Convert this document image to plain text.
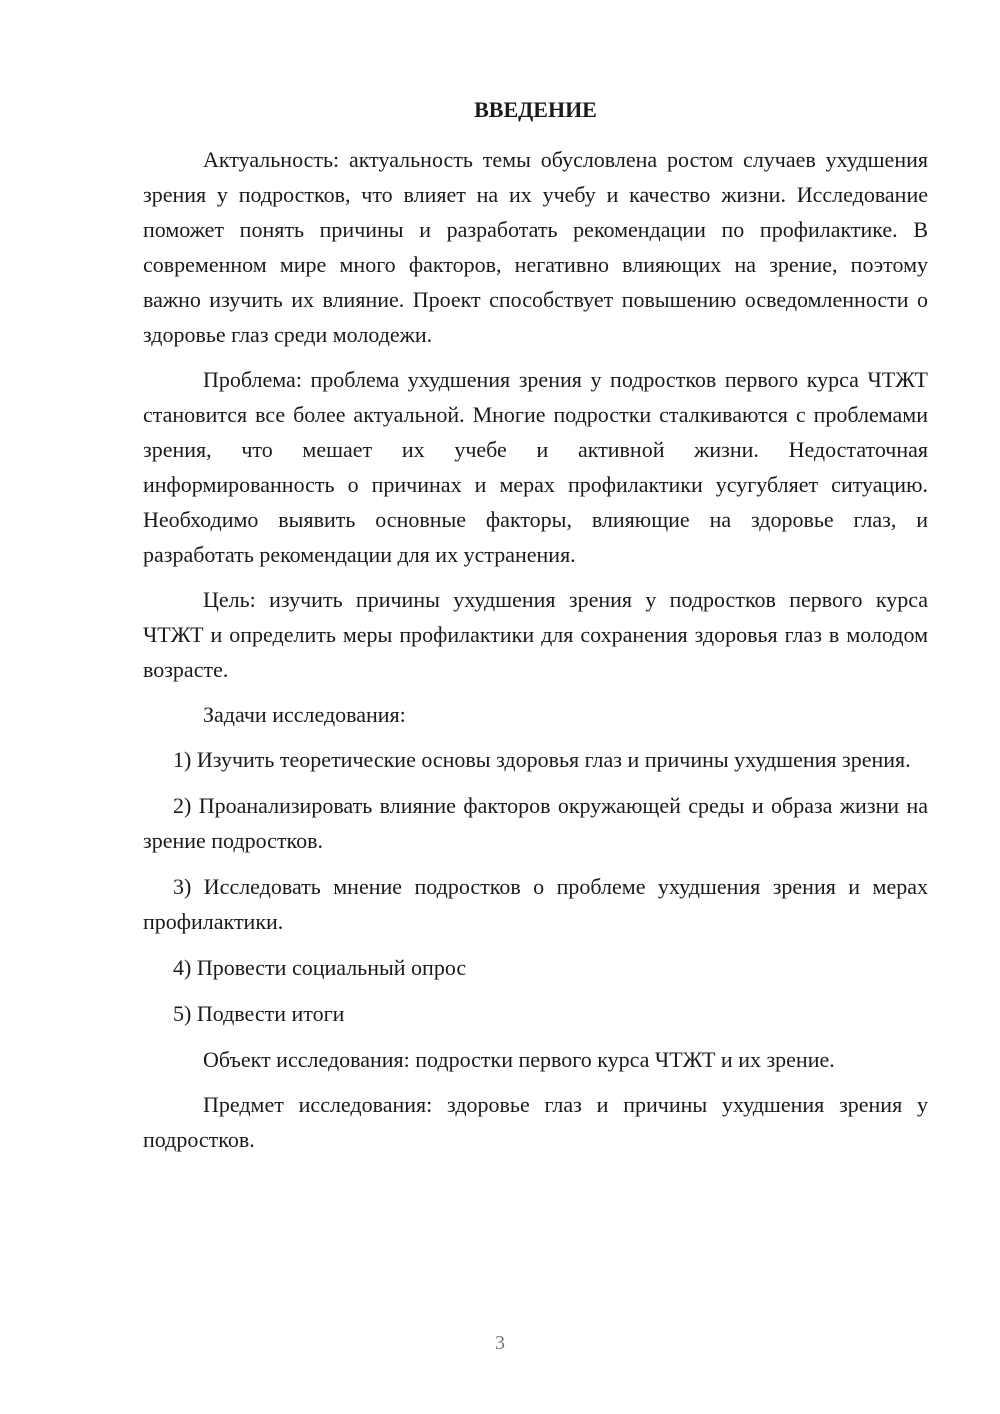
ВВЕДЕНИЕ

Актуальность: актуальность темы обусловлена ростом случаев ухудшения зрения у подростков, что влияет на их учебу и качество жизни. Исследование поможет понять причины и разработать рекомендации по профилактике. В современном мире много факторов, негативно влияющих на зрение, поэтому важно изучить их влияние. Проект способствует повышению осведомленности о здоровье глаз среди молодежи.

Проблема: проблема ухудшения зрения у подростков первого курса ЧТЖТ становится все более актуальной. Многие подростки сталкиваются с проблемами зрения, что мешает их учебе и активной жизни. Недостаточная информированность о причинах и мерах профилактики усугубляет ситуацию. Необходимо выявить основные факторы, влияющие на здоровье глаз, и разработать рекомендации для их устранения.

Цель: изучить причины ухудшения зрения у подростков первого курса ЧТЖТ и определить меры профилактики для сохранения здоровья глаз в молодом возрасте.

Задачи исследования:

1) Изучить теоретические основы здоровья глаз и причины ухудшения зрения.

2) Проанализировать влияние факторов окружающей среды и образа жизни на зрение подростков.

3) Исследовать мнение подростков о проблеме ухудшения зрения и мерах профилактики.

4) Провести социальный опрос

5) Подвести итоги

Объект исследования: подростки первого курса ЧТЖТ и их зрение.

Предмет исследования: здоровье глаз и причины ухудшения зрения у подростков.

3
